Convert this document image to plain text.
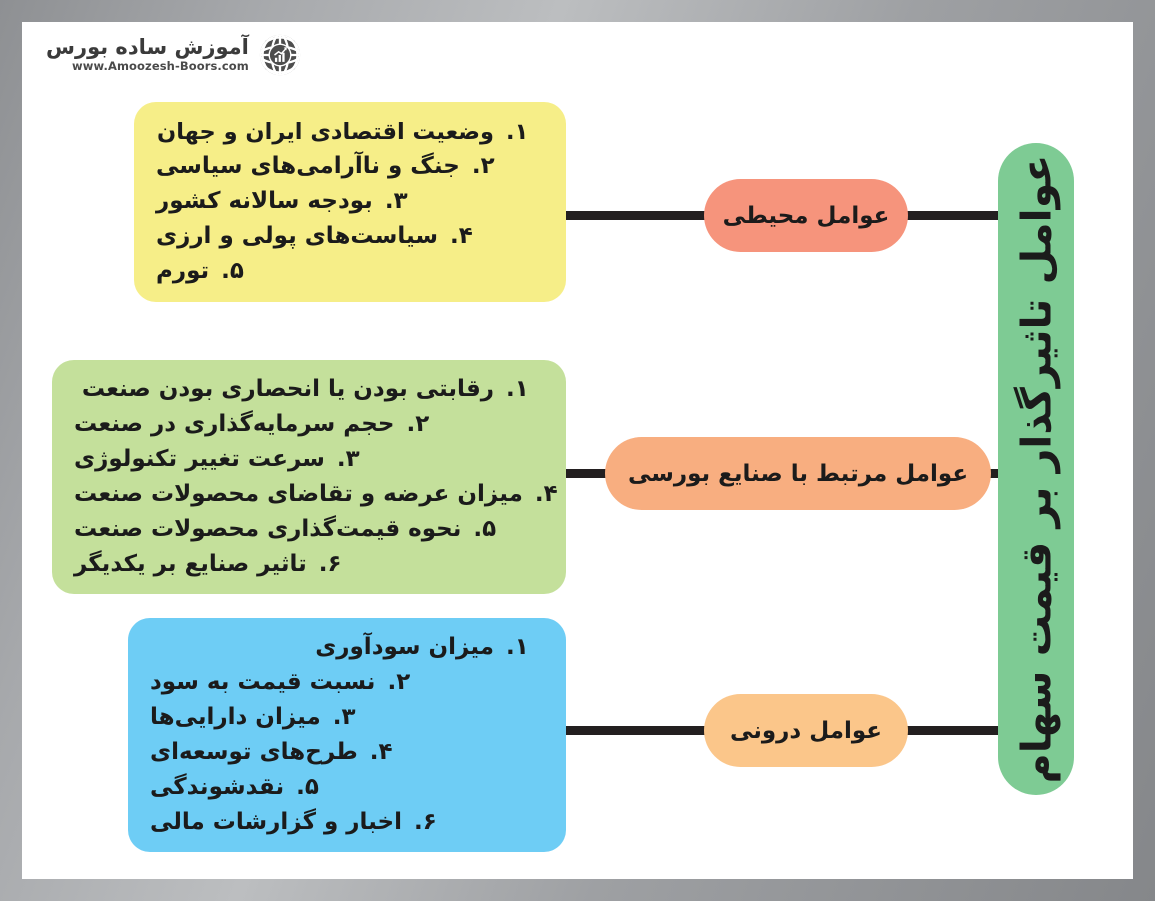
آموزش ساده بورس
www.Amoozesh-Boors.com
۱.
وضعیت اقتصادی ایران و جهان
۲.
جنگ و ناآرامی‌های سیاسی
۳.
بودجه سالانه کشور
۴.
سیاست‌های پولی و ارزی
۵.
تورم
۱.
رقابتی بودن یا انحصاری بودن صنعت
۲.
حجم سرمایه‌گذاری در صنعت
۳.
سرعت تغییر تکنولوژی
۴.
میزان عرضه و تقاضای محصولات صنعت
۵.
نحوه قیمت‌گذاری محصولات صنعت
۶.
تاثیر صنایع بر یکدیگر
۱.
میزان سودآوری
۲.
نسبت قیمت به سود
۳.
میزان دارایی‌ها
۴.
طرح‌های توسعه‌ای
۵.
نقدشوندگی
۶.
اخبار و گزارشات مالی
عوامل محیطی
عوامل مرتبط با صنایع بورسی
عوامل درونی	عوامل تاثیرگذار بر قیمت سهام
